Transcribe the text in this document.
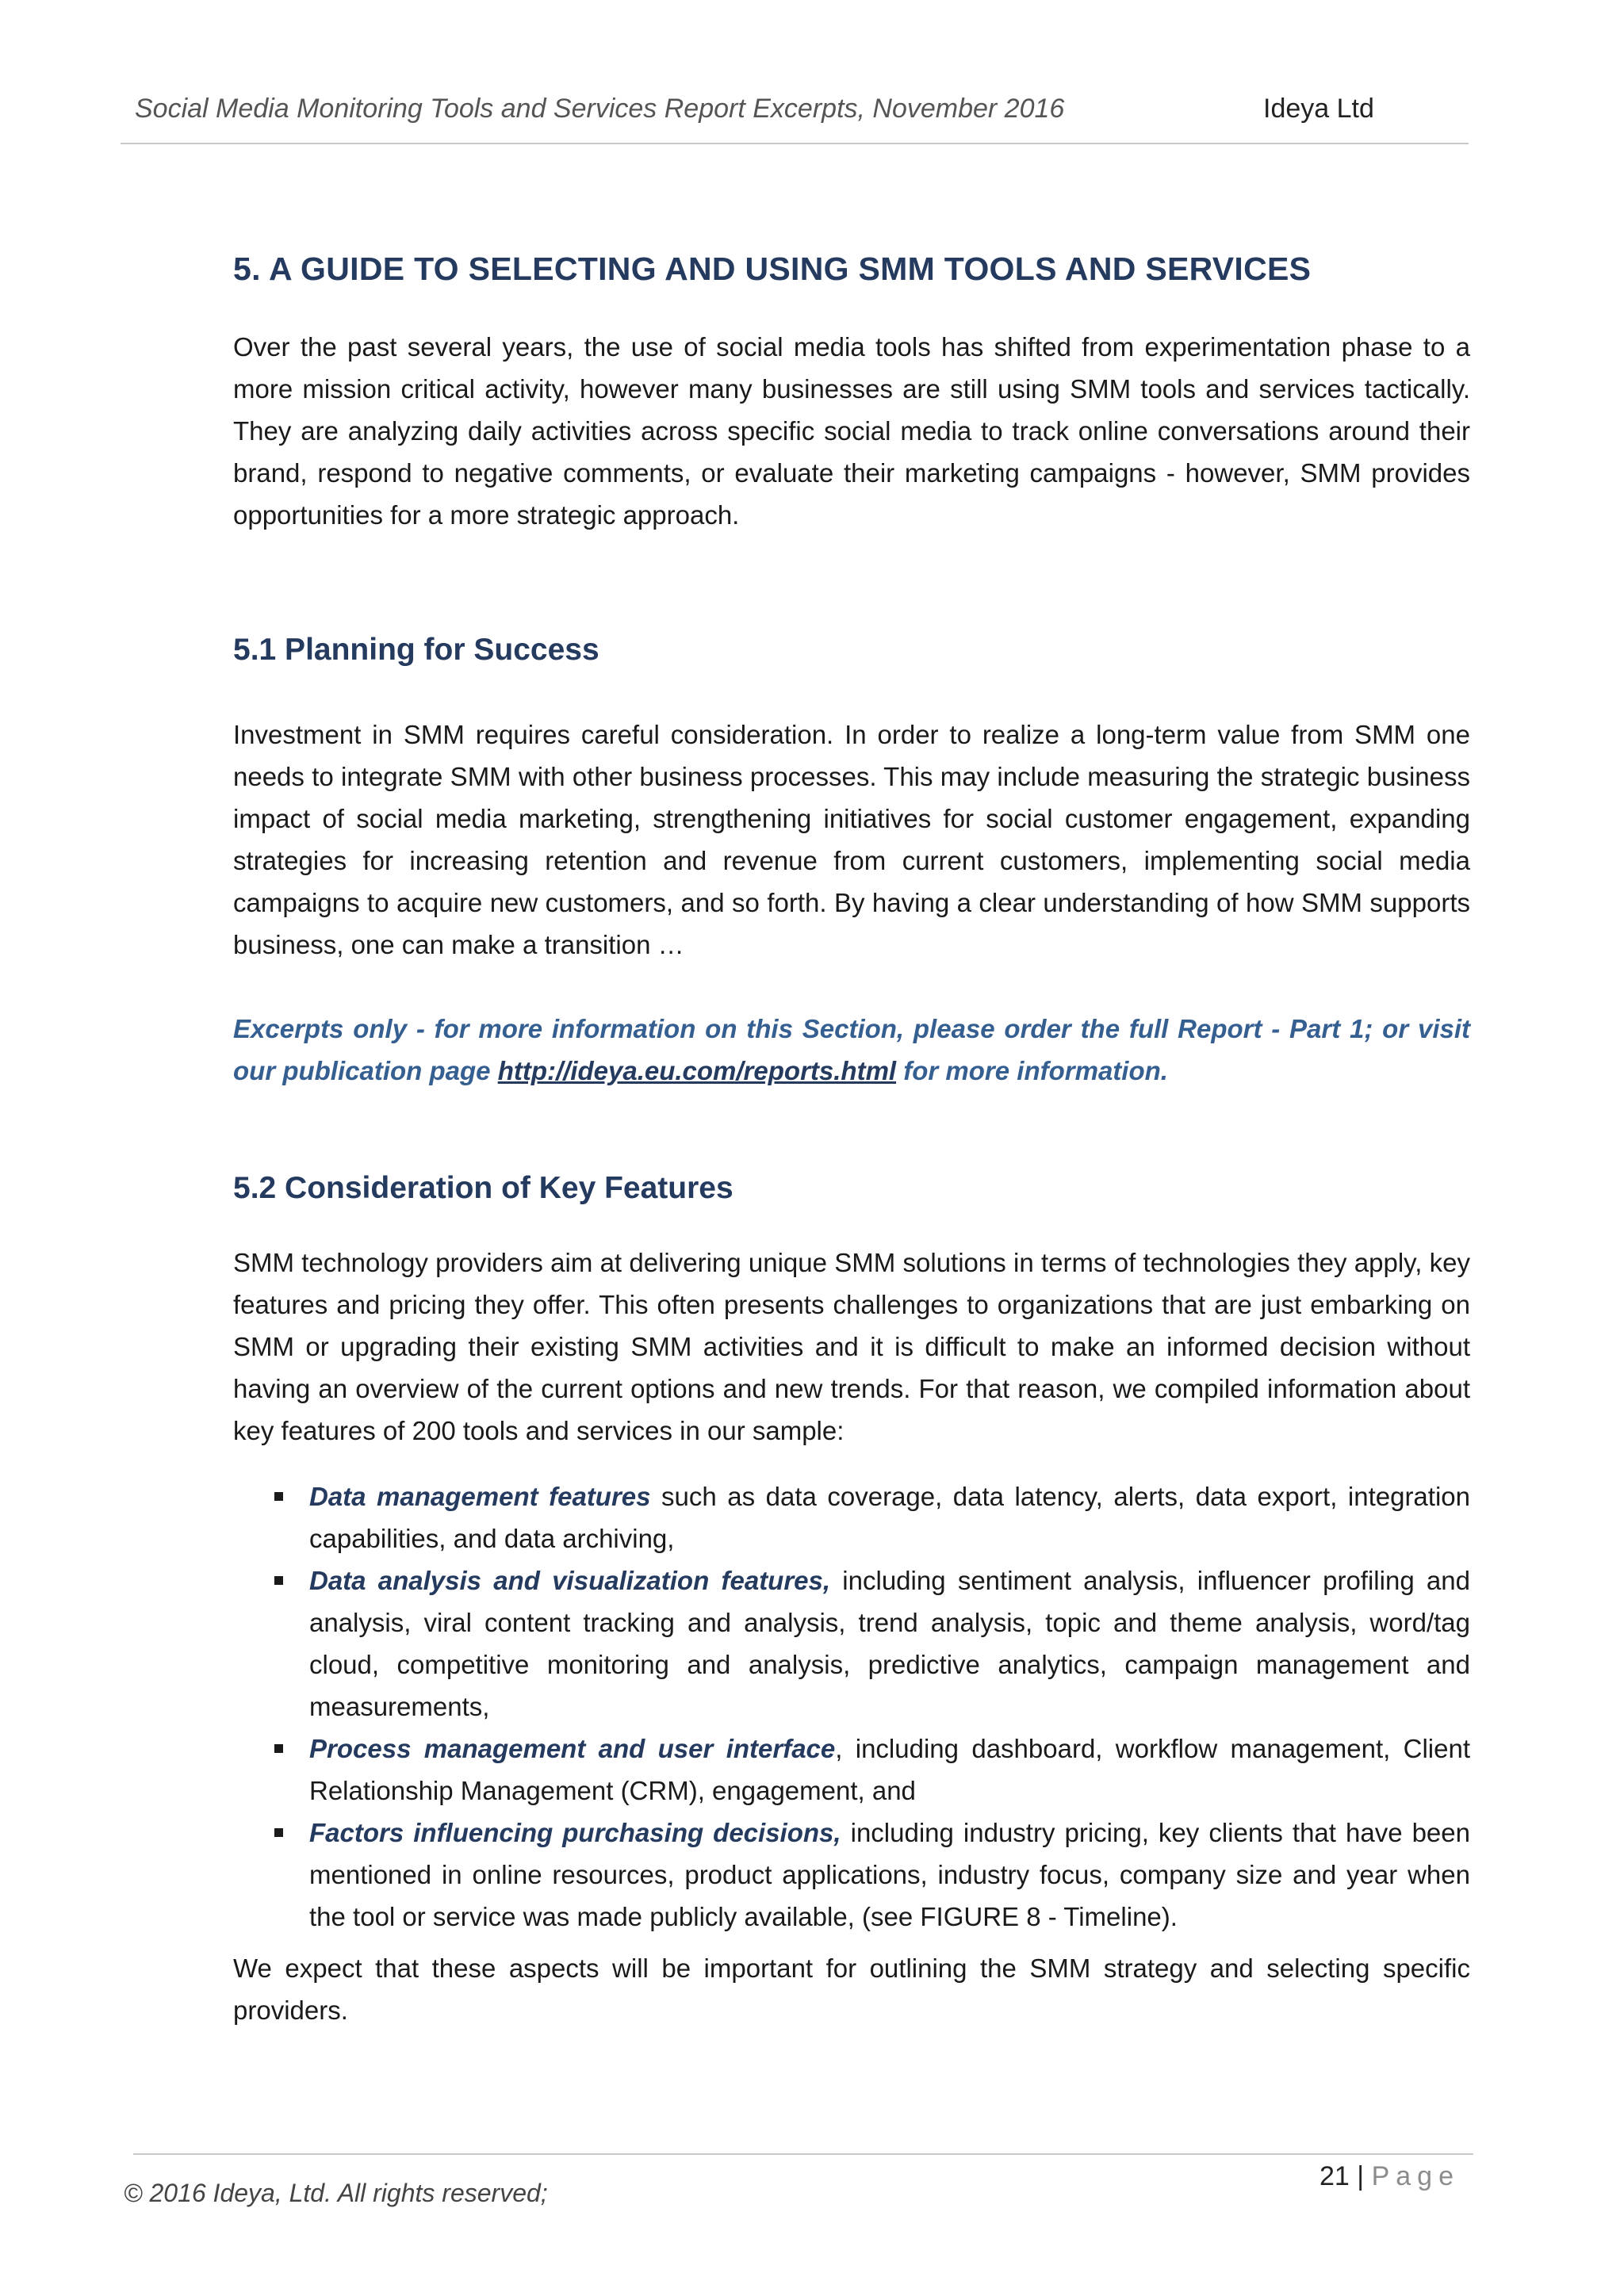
Social Media Monitoring Tools and Services Report Excerpts, November 2016	Ideya Ltd
5. A GUIDE TO SELECTING AND USING SMM TOOLS AND SERVICES

Over the past several years, the use of social media tools has shifted from experimentation phase to a more mission critical activity, however many businesses are still using SMM tools and services tactically. They are analyzing daily activities across specific social media to track online conversations around their brand, respond to negative comments, or evaluate their marketing campaigns - however, SMM provides opportunities for a more strategic approach.

5.1 Planning for Success

Investment in SMM requires careful consideration. In order to realize a long-term value from SMM one needs to integrate SMM with other business processes. This may include measuring the strategic business impact of social media marketing, strengthening initiatives for social customer engagement, expanding strategies for increasing retention and revenue from current customers, implementing social media campaigns to acquire new customers, and so forth. By having a clear understanding of how SMM supports business, one can make a transition …

Excerpts only - for more information on this Section, please order the full Report - Part 1; or visit our publication page http://ideya.eu.com/reports.html for more information.

5.2 Consideration of Key Features

SMM technology providers aim at delivering unique SMM solutions in terms of technologies they apply, key features and pricing they offer. This often presents challenges to organizations that are just embarking on SMM or upgrading their existing SMM activities and it is difficult to make an informed decision without having an overview of the current options and new trends. For that reason, we compiled information about key features of 200 tools and services in our sample:

Data management features such as data coverage, data latency, alerts, data export, integration capabilities, and data archiving,
Data analysis and visualization features, including sentiment analysis, influencer profiling and analysis, viral content tracking and analysis, trend analysis, topic and theme analysis, word/tag cloud, competitive monitoring and analysis, predictive analytics, campaign management and measurements,
Process management and user interface, including dashboard, workflow management, Client Relationship Management (CRM), engagement, and
Factors influencing purchasing decisions, including industry pricing, key clients that have been mentioned in online resources, product applications, industry focus, company size and year when the tool or service was made publicly available, (see FIGURE 8 - Timeline).

We expect that these aspects will be important for outlining the SMM strategy and selecting specific providers.

© 2016 Ideya, Ltd. All rights reserved;
21 | Page
